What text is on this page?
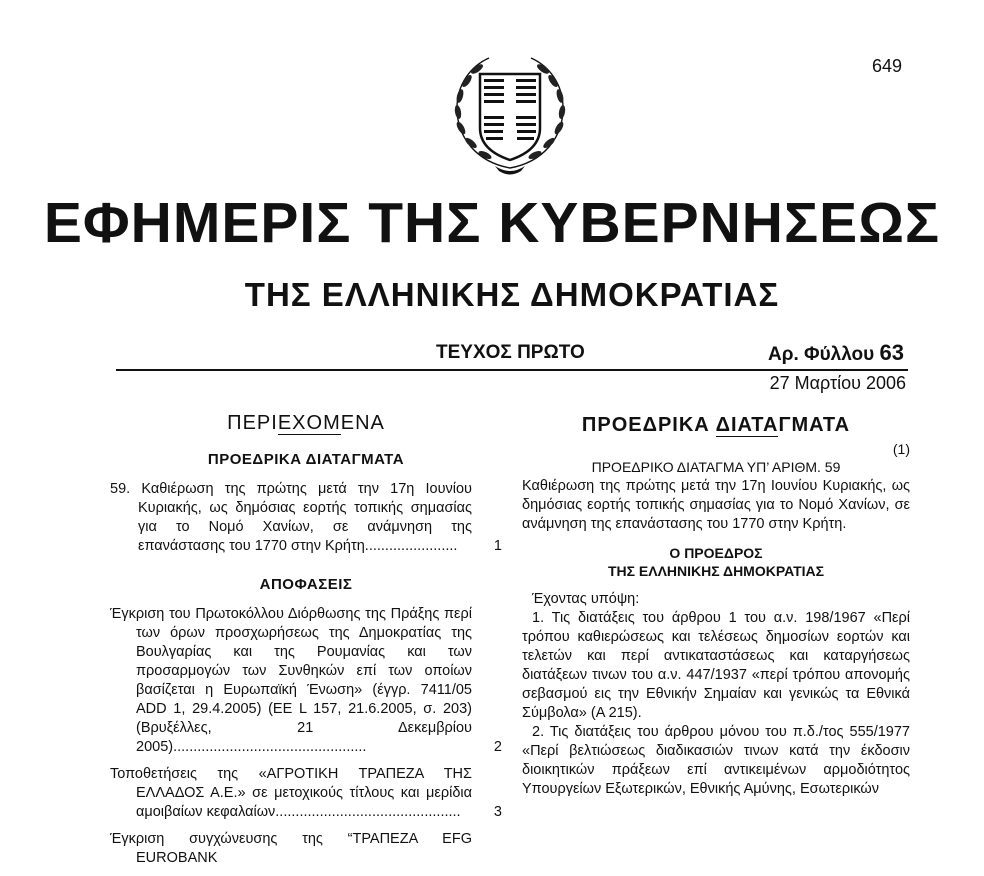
649
ΕΦΗΜΕΡΙΣ ΤΗΣ ΚΥΒΕΡΝΗΣΕΩΣ
ΤΗΣ ΕΛΛΗΝΙΚΗΣ ΔΗΜΟΚΡΑΤΙΑΣ
ΤΕΥΧΟΣ ΠΡΩΤΟ	Αρ. Φύλλου 63
27 Μαρτίου 2006
ΠΕΡΙΕΧΟΜΕΝΑ
ΠΡΟΕΔΡΙΚΑ ΔΙΑΤΑΓΜΑΤΑ
59. Καθιέρωση της πρώτης μετά την 17η Ιουνίου Κυριακής, ως δημόσιας εορτής τοπικής σημασίας για το Νομό Χανίων, σε ανάμνηση της επανάστασης του 1770 στην Κρήτη.......................	1
ΑΠΟΦΑΣΕΙΣ
Έγκριση του Πρωτοκόλλου Διόρθωσης της Πράξης περί των όρων προσχωρήσεως της Δημοκρατίας της Βουλγαρίας και της Ρουμανίας και των προσαρμογών των Συνθηκών επί των οποίων βασίζεται η Ευρωπαϊκή Ένωση» (έγγρ. 7411/05 ADD 1, 29.4.2005) (EE L 157, 21.6.2005, σ. 203) (Βρυξέλλες, 21 Δεκεμβρίου 2005)................................................	2
Τοποθετήσεις της «ΑΓΡΟΤΙΚΗ ΤΡΑΠΕΖΑ ΤΗΣ ΕΛΛΑΔΟΣ Α.Ε.» σε μετοχικούς τίτλους και μερίδια αμοιβαίων κεφαλαίων.............................................. 3
Έγκριση συγχώνευσης της “ΤΡΑΠΕΖΑ EFG EUROBANK
ΠΡΟΕΔΡΙΚΑ ΔΙΑΤΑΓΜΑΤΑ
(1)
ΠΡΟΕΔΡΙΚΟ ΔΙΑΤΑΓΜΑ ΥΠ’ ΑΡΙΘΜ. 59
Καθιέρωση της πρώτης μετά την 17η Ιουνίου Κυριακής, ως δημόσιας εορτής τοπικής σημασίας για το Νομό Χανίων, σε ανάμνηση της επανάστασης του 1770 στην Κρήτη.
Ο ΠΡΟΕΔΡΟΣ
ΤΗΣ ΕΛΛΗΝΙΚΗΣ ΔΗΜΟΚΡΑΤΙΑΣ

Έχοντας υπόψη:

1. Τις διατάξεις του άρθρου 1 του α.ν. 198/1967 «Περί τρόπου καθιερώσεως και τελέσεως δημοσίων εορτών και τελετών και περί αντικαταστάσεως και καταργήσεως διατάξεων τινων του α.ν. 447/1937 «περί τρόπου απονομής σεβασμού εις την Εθνικήν Σημαίαν και γενικώς τα Εθνικά Σύμβολα» (Α 215).

2. Τις διατάξεις του άρθρου μόνου του π.δ./τος 555/1977 «Περί βελτιώσεως διαδικασιών τινων κατά την έκδοσιν διοικητικών πράξεων επί αντικειμένων αρμοδιότητος Υπουργείων Εξωτερικών, Εθνικής Αμύνης, Εσωτερικών
